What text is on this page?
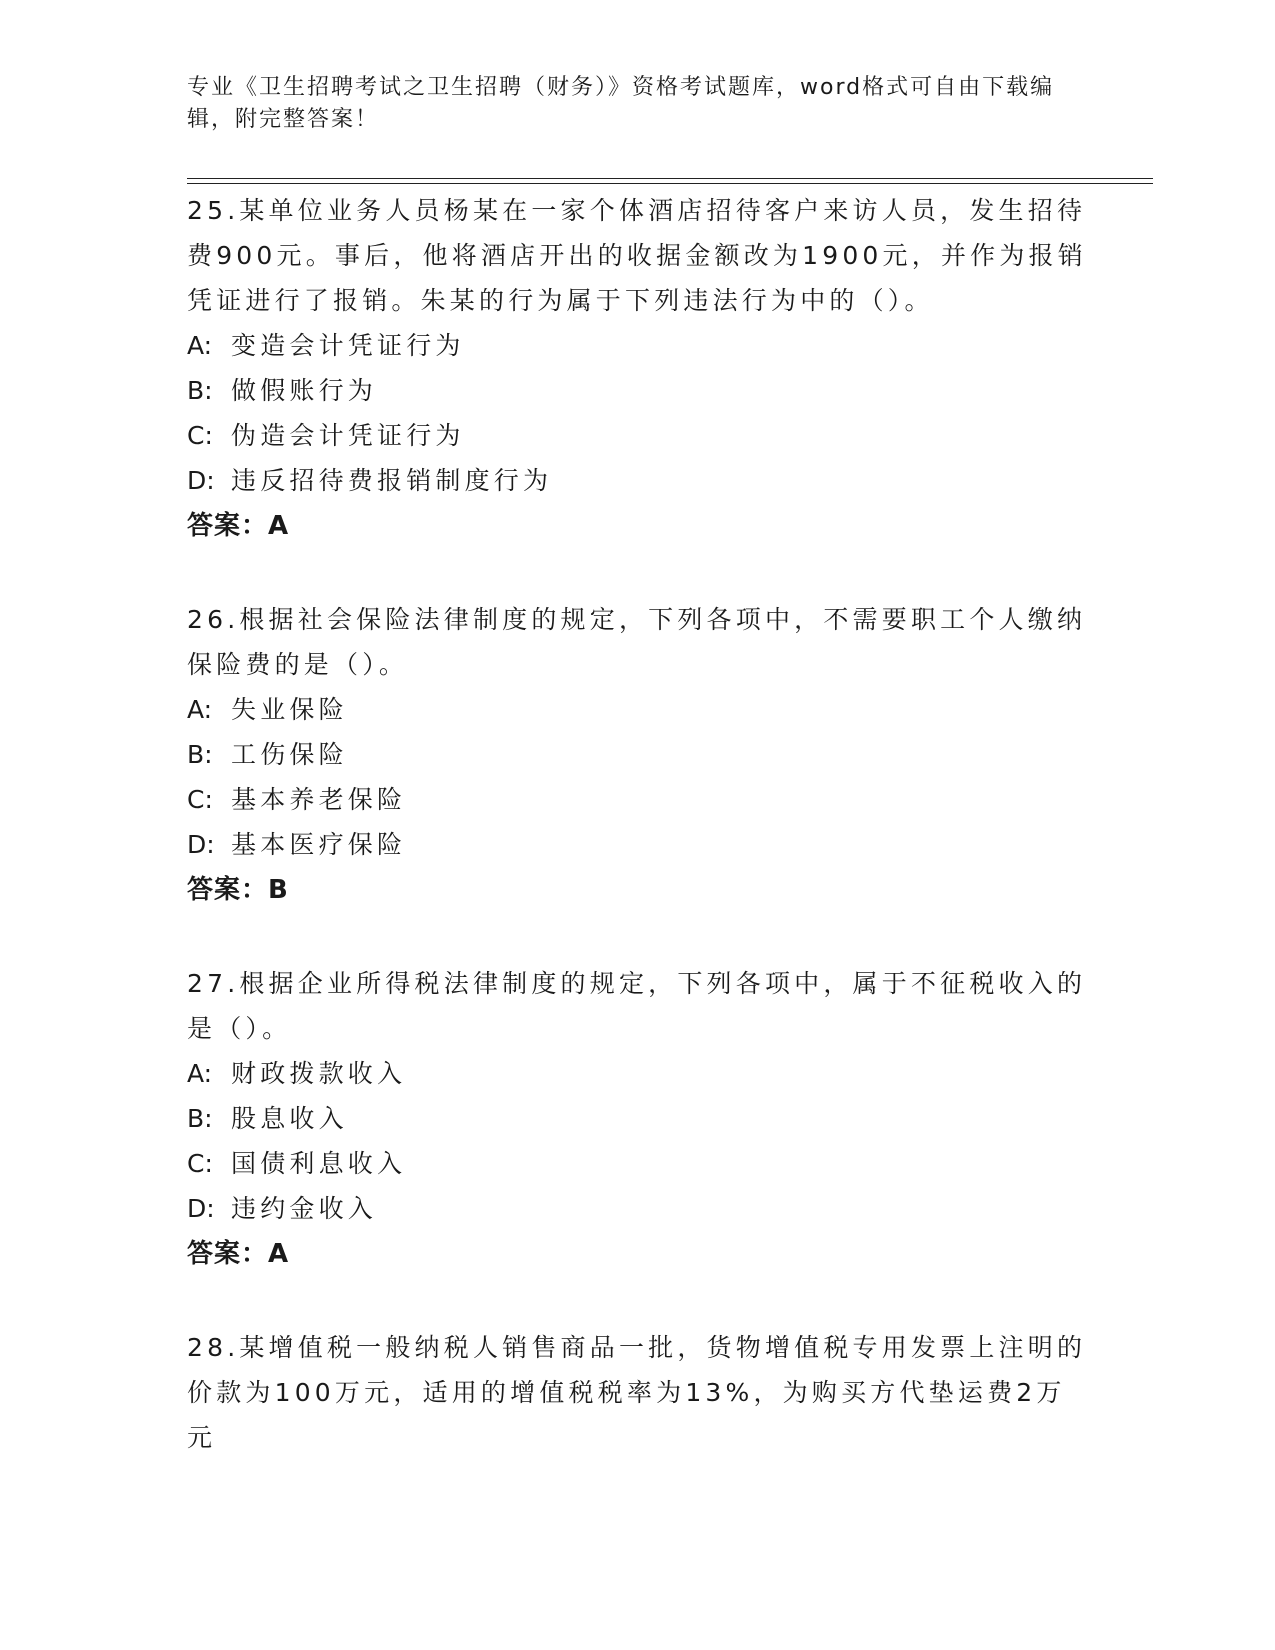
专业《卫生招聘考试之卫生招聘（财务）》资格考试题库，word格式可自由下载编辑，附完整答案！

25.某单位业务人员杨某在一家个体酒店招待客户来访人员，发生招待费900元。事后，他将酒店开出的收据金额改为1900元，并作为报销凭证进行了报销。朱某的行为属于下列违法行为中的（）。

A: 变造会计凭证行为

B: 做假账行为

C: 伪造会计凭证行为

D: 违反招待费报销制度行为

答案：A

26.根据社会保险法律制度的规定，下列各项中，不需要职工个人缴纳保险费的是（）。

A: 失业保险

B: 工伤保险

C: 基本养老保险

D: 基本医疗保险

答案：B

27.根据企业所得税法律制度的规定，下列各项中，属于不征税收入的是（）。

A: 财政拨款收入

B: 股息收入

C: 国债利息收入

D: 违约金收入

答案：A

28.某增值税一般纳税人销售商品一批，货物增值税专用发票上注明的价款为100万元，适用的增值税税率为13%，为购买方代垫运费2万元
